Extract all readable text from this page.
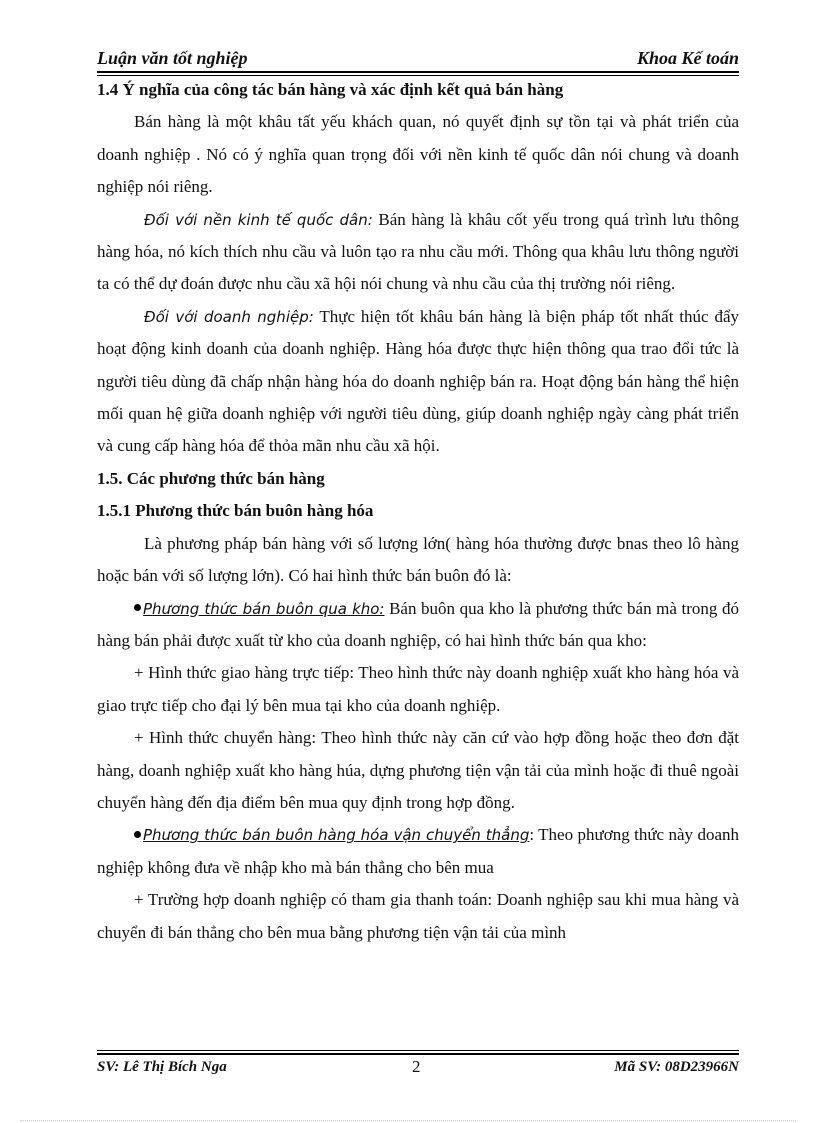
Luận văn tốt nghiệp	Khoa Kế toán

1.4 Ý nghĩa của công tác bán hàng và xác định kết quả bán hàng

Bán hàng là một khâu tất yếu khách quan, nó quyết định sự tồn tại và phát triển của doanh nghiệp . Nó có ý nghĩa quan trọng đối với nền kinh tế quốc dân nói chung và doanh nghiệp nói riêng.

Đối với nền kinh tế quốc dân: Bán hàng là khâu cốt yếu trong quá trình lưu thông hàng hóa, nó kích thích nhu cầu và luôn tạo ra nhu cầu mới. Thông qua khâu lưu thông người ta có thể dự đoán được nhu cầu xã hội nói chung và nhu cầu của thị trường nói riêng.

Đối với doanh nghiệp: Thực hiện tốt khâu bán hàng là biện pháp tốt nhất thúc đẩy hoạt động kinh doanh của doanh nghiệp. Hàng hóa được thực hiện thông qua trao đổi tức là người tiêu dùng đã chấp nhận hàng hóa do doanh nghiệp bán ra. Hoạt động bán hàng thể hiện mối quan hệ giữa doanh nghiệp với người tiêu dùng, giúp doanh nghiệp ngày càng phát triển và cung cấp hàng hóa để thỏa mãn nhu cầu xã hội.

1.5. Các phương thức bán hàng

1.5.1 Phương thức bán buôn hàng hóa

Là phương pháp bán hàng với số lượng lớn( hàng hóa thường được bnas theo lô hàng hoặc bán với số lượng lớn). Có hai hình thức bán buôn đó là:

Phương thức bán buôn qua kho: Bán buôn qua kho là phương thức bán mà trong đó hàng bán phải được xuất từ kho của doanh nghiệp, có hai hình thức bán qua kho:

+ Hình thức giao hàng trực tiếp: Theo hình thức này doanh nghiệp xuất kho hàng hóa và giao trực tiếp cho đại lý bên mua tại kho của doanh nghiệp.

+ Hình thức chuyển hàng: Theo hình thức này căn cứ vào hợp đồng hoặc theo đơn đặt hàng, doanh nghiệp xuất kho hàng húa, dựng phương tiện vận tải của mình hoặc đi thuê ngoài chuyển hàng đến địa điểm bên mua quy định trong hợp đồng.

Phương thức bán buôn hàng hóa vận chuyển thẳng: Theo phương thức này doanh nghiệp không đưa về nhập kho mà bán thẳng cho bên mua

+ Trường hợp doanh nghiệp có tham gia thanh toán: Doanh nghiệp sau khi mua hàng và chuyển đi bán thẳng cho bên mua bằng phương tiện vận tải của mình

SV: Lê Thị Bích Nga	2	Mã SV: 08D23966N
